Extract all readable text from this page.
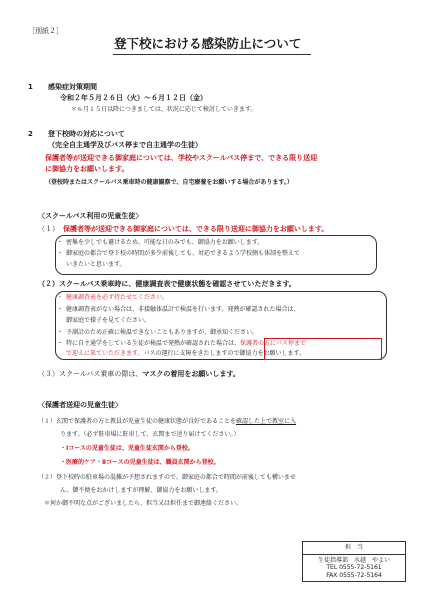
［別紙２］
登下校における感染防止について
1 感染症対策期間
令和２年５月２６日（火）～６月１２日（金）
＊６月１５日以降につきましては、状況に応じて検討していきます。
2 登下校時の対応について
（完全自主通学及びバス停まで自主通学の生徒）
保護者等が送迎できる御家庭については、学校やスクールバス停まで、できる限り送迎
に御協力をお願いします。
（登校時またはスクールバス乗車時の健康観察で、自宅療養をお願いする場合があります。）
〈スクールバス利用の児童生徒〉
（１） 保護者等が送迎できる御家庭については、できる限り送迎に御協力をお願いします。
・ 密集を少しでも避けるため、可能な日のみでも、御協力をお願いします。
・ 御家庭の都合で登下校の時間が多少前後しても、対応できるよう学校側も体制を整えて
いきたいと思います。
（２）スクールバス乗車時に、健康調査表で健康状態を確認させていただきます。
・ 健康調査表を必ず持たせてください。
・ 健康調査表がない場合は、非接触体温計で検温を行います。発熱が確認された場合は、
御家庭で様子を見てください。
・ 予測計のため正確に検温できないこともありますが、御承知ください。
・ 特に自主通学をしている生徒が検温で発熱が確認された場合は、保護者の方にバス停まで
で迎えに来ていただきます。バスの運行に支障をきたしますので御協力をお願いします。
（３）スクールバス乗車の際は、マスクの着用をお願いします。
〈保護者送迎の児童生徒〉
（１）玄関で保護者の方と教員が児童生徒の健康状態が良好であることを確認した上で教室に入
ります。（必ず駐車場に駐車して、玄関まで送り届けてください。）
・Ⅰコースの児童生徒は、児童生徒玄関から登校。
・医療的ケア・Ⅱコースの児童生徒は、職員玄関から登校。
（２）登下校時の駐車場の混雑が予想されますので、御家庭の都合で時間が前後しても構いませ
ん。御不便をおかけしますが理解、御協力をお願いします。
＊何か御不明な点がございましたら、担当又は担任まで御連絡ください。
担　当

生徒指導部　水越　やよい
TEL 0555-72-5161
FAX 0555-72-5164
